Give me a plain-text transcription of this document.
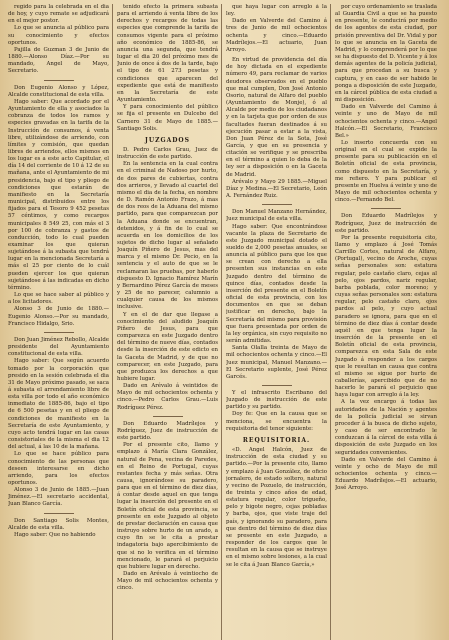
regido para la celebrada en el dia de hoy, y cuyo remate se adjudicará en el mejor postor.

Lo que se anuncia al público para su conocimiento y efectos oportunos.

Pajilla de Guzman 3 de Junio de 1880.—Alonso Díaz.—Por su mandado, Angel de Mayo, Secretario.

Don Eugenio Alonso y López, Alcalde constitucional de esta villa.

Hago saber: Que acordado por el Ayuntamiento de ella y asociados la cobranza de todos los ramos y especies gravadas en la tarifa de la Instrucción de consumos, á venta libre, utilizándose de arriendo, con límites y comisión, que quedan libres de arriendos, ellos mismos en los lugar es a este acto Capitular, el día 14 del corriente de 10 á 12 de su mañana, ante el Ayuntamiento de mi presidencia, bajo el tipo y pliego de condiciones que estarán de manifiesto en la Secretaría municipal, distribuidos entre los fijados para el Tesoro 9 452 pesetas 57 céntimos, y como recargos municipales 8 549 25, con más el 3 por 100 de cobranza y gastos de conducción, todo lo cual pueden examinar los que quieran sujetándose á la subasta que tendrá lugar en la mencionada Secretaría a más el 25 por ciento de lo cuál pueden ejercer los que quieran sujetándose á las indicadas en dicho término.

Lo que se hace saber al público y a los licitadores.

Alonso 3 de Junio de 1880.—Eugenio Alonso.—Por su mandado, Francisco Hidalgo, Srio.

Don Juan Jiménez Rebollo, Alcalde presidente del Ayuntamiento constitucional de esta villa.

Hago saber: Que según acuerdo tomado por la corporación que presido en la sesión celebrada el dia 31 de Mayo próximo pasado, se saca á subasta el arrendamiento libre de esta villa por todo el año económico inmediato de 1885-86, bajo el tipo de 6 500 pesetas y en el pliego de condiciones de manifiesto en la Secretaría de este Ayuntamiento, y cuyo acto tendrá lugar en las casas consistoriales de la misma el dia 12 del actual, á las 10 de la mañana.

Lo que se hace público para conocimiento de las personas que deseen interesarse en dicho arriendo, para los efectos oportunos.

Alonso 3 de Junio de 1885.—Juan Jiménez.—El secretario accidental, Juan Blanco García.

Don Santiago Solis Montes, Alcalde de esta villa.

Hago saber: Que no habiendo

tenido efecto la primera subasta para el arriendo á venta libre de los derechos y recargos de todas las especies que comprende la tarifa de consumos vigente para el próximo año económico de 1885-86, se anuncia una segunda, que tendrá lugar el dia 20 del próximo mes de Junio de once á dos de la tarde, bajo el tipo de 61 273 pesetas y condiciones que aparecen del expediente que está de manifiesto en la Secretaría de este Ayuntamiento.

Y para conocimiento del público se fija el presente en Dulcebo del Carnero 31 de Mayo de 1885.—Santiago Solis.

JUZGADOS

D. Pedro Carlos Grau, Juez de instrucción de este partido.

En la sentencia en la cual contra en el criminal de Nadoso por hurto, de dos pares de cubiertas, contra dos arrieros, y llevado al cuartel del mismo el dia de la fecha, en nombre de D. Ramón Antonio Frazo, á mas de dos reos de la Aduana del mismo partido, para que comparezcan por la Aduana donde se encuentran, detenidos, y á fin de lo cual se acuerda en los domicilios de los sujetos de dicho lugar al señalado Joaquín Piñero de Jesus, mas del marca y el mismo Dr. Pecio, en la sentencia y el auto de que se le reclamaran las pruebas, por haberlo dispuesto D. Ignacio Ramírez Marín y Bernardino Pérez García de meses y 25 de no parecer, calumnio a cualquier causa de los mismos inclusive.

Y en el de dar que llegase a conocimiento del aludido Joaquín Piñero de Jesus, para que comparezca en este Juzgado dentro del término de nueve días, contados desde la inserción de este edicto en la Gaceta de Madrid, y de que no comparecer, en este Juzgado, para que produzca los derechos a que hubiere lugar.

Dado en Arévalo á veintidos de Mayo de mil ochocientos ochenta y cinco.—Pedro Carlos Grau.—Luis Rodríguez Pérez.

Don Eduardo Madrílejos y Rodríguez, Juez de instrucción de este partido.

Por el presente cito, llamo y emplazo á María Clara González, natural de Pena, vecina de Paredes, en el Reino de Portugal, cuyas restantes fecha y más señas. Otra causa, ignorándose su paradero, para que en el término de diez días, á contar desde aquel en que tenga lugar la inserción del presente en el Boletín oficial de esta provincia, se presente en este Juzgado al objeto de prestar declaración en causa que instruyo sobre hurto de un arado, a cuyo fin se le cita a prestar indagatoria bajo apercibimiento de que si no lo verifica en el término mencionado, le parará el perjuicio que hubiere lugar en derecho.

Dado en Arévalo á veintiocho de Mayo de mil ochocientos ochenta y cinco.

que haya lugar con arreglo á la ley.

Dado en Valverde del Camino á tres de Junio de mil ochocientos ochenta y cinco.—Eduardo Madrílejos.—El actuario, Juan Arroyo.

En virtud de providencia del día de hoy dictada en el expediente número 49, para reclamar de varios deudores observados en el pueblo que mal cumplen, Don José Antonio Osorio, natural de Alfaro del pueblo (Ayuntamiento de Monje), ó al Alcalde por medio de los ciudadanos y en la tarjeta que por orden de sus facultades fueran destinados á su ejecución pasar a estar a la vista, Don Juan Pérez de la Sota, José García, y que en su presencia y citación se verifique y se prescriba en el término a quien lo deba de la ley ser a disposición o en la Gaceta de Madrid.

Arévalo y Mayo 29 1885.—Miguel Díaz y Medina.—El Secretario, León A. Fernández Ruiz.

Don Manuel Manzano Hernández, Juez municipal de esta villa.

Hago saber: Que encontrándose vacante la plaza de Secretario de este Juzgado municipal dotado el sueldo de 2,000 pesetas anuales, se anuncia al público para que los que se crean con derecho a ella presenten sus instancias en este Juzgado dentro del término de quince días, contados desde la inserción del presente en el Boletín oficial de esta provincia, con los documentos en que se deban justificar en derecho, bajo la Secretaría del mismo para provisión que fuera presentada por orden de la ley orgánica, sin cuyo requisito no serán admitidas.

Santa Olalla treinta de Mayo de mil ochocientos ochenta y cinco.—El Juez municipal, Manuel Manzano.—El Secretario suplente, José Pérez Garcés.

Y el infrascrito Escribano del Juzgado de instrucción de este partido y su partido.

Doy fe: Que en la causa que se menciona, se encuentra la requisitoria del tenor siguiente:

REQUISITORIA.

«D. Angel Halcón, Juez de instrucción de esta ciudad y su partido.—Por la presente cito, llamo y emplazo á Juan González, de oficio jornalero, de estado soltero, natural y vecino de Pozuelo, de instrucción, de treinta y cinco años de edad, estatura regular, color trigueño, pelo y bigote negro, cejas pobladas y barba, ojos, que viste traje del país, y ignorando su paradero, para que dentro del término de diez días se presente en este Juzgado, a responder de los cargos que le resultan en la causa que se instruye en el mismo sobre lesiones, a la cual se le cita á Juan Blanco García,»

por cuyo ordenamiento se traslada al Guardia Civil a que se ha puesto en presente, le conducirá por medio de los agentes de esta ciudad, por prisión preventiva del Dr. Vidal y por lo que se anuncia en la Gaceta de Madrid, y lo comprenderá por lo que se ha dispuesto del D. Vicente y á los demás agentes de la policía judicial, para que procedan a su busca y captura, y en caso de ser habido le ponga a disposición de este Juzgado, en la cárcel pública de esta ciudad a mi disposición.

Dado en Valverde del Camino á veinte y uno de Mayo de mil ochocientos ochenta y cinco.—Angel Halcón.—El Secretario, Francisco Bel.»

Lo inserto concuerda con su original en el cual se expide la presente para su publicación en el Boletín oficial de esta provincia, como dispuesto en la Secretaría, y me refiero. Y para publicar el presente en Huelva á veinte y uno de Mayo de mil ochocientos ochenta y cinco.—Fernando Bel.

Don Eduardo Madrílejos y Rodríguez, Juez de instrucción de este partido.

Por la presente requisitoria cito, llamo y emplazo á José Tomás Carrillo Cortes, natural de Alfaro, (Portugal), vecino de Aroche, cuyas señas personales son: estatura regular, pelo castaño claro, cejas al pelo, ojos pardos, nariz regular, barba poblada, color moreno; y cuyas señas personales son: estatura regular, pelo castaño claro, ojos pardos al pelo, y cuyo actual paradero se ignora, para que en el término de diez días á contar desde aquél en que tenga lugar la inserción de la presente en el Boletín oficial de esta provincia, comparezca en esta Sala de este Juzgado á responder a los cargos que le resultan en causa que contra el mismo se sigue por hurto de caballerías, apercibido que de no hacerlo le parará el perjuicio que haya lugar con arreglo á la ley.

A la vez encargo á todas las autoridades de la Nación y agentes de la policía judicial se sirvan proceder á la busca de dicho sujeto, y caso de ser encontrado le conduzcan á la cárcel de esta villa á disposición de este Juzgado en los seguridades convenientes.

Dado en Valverde del Camino á veinte y ocho de Mayo de mil ochocientos ochenta y cinco.—Eduardo Madrílejos.—El actuario, José Arroyo.
